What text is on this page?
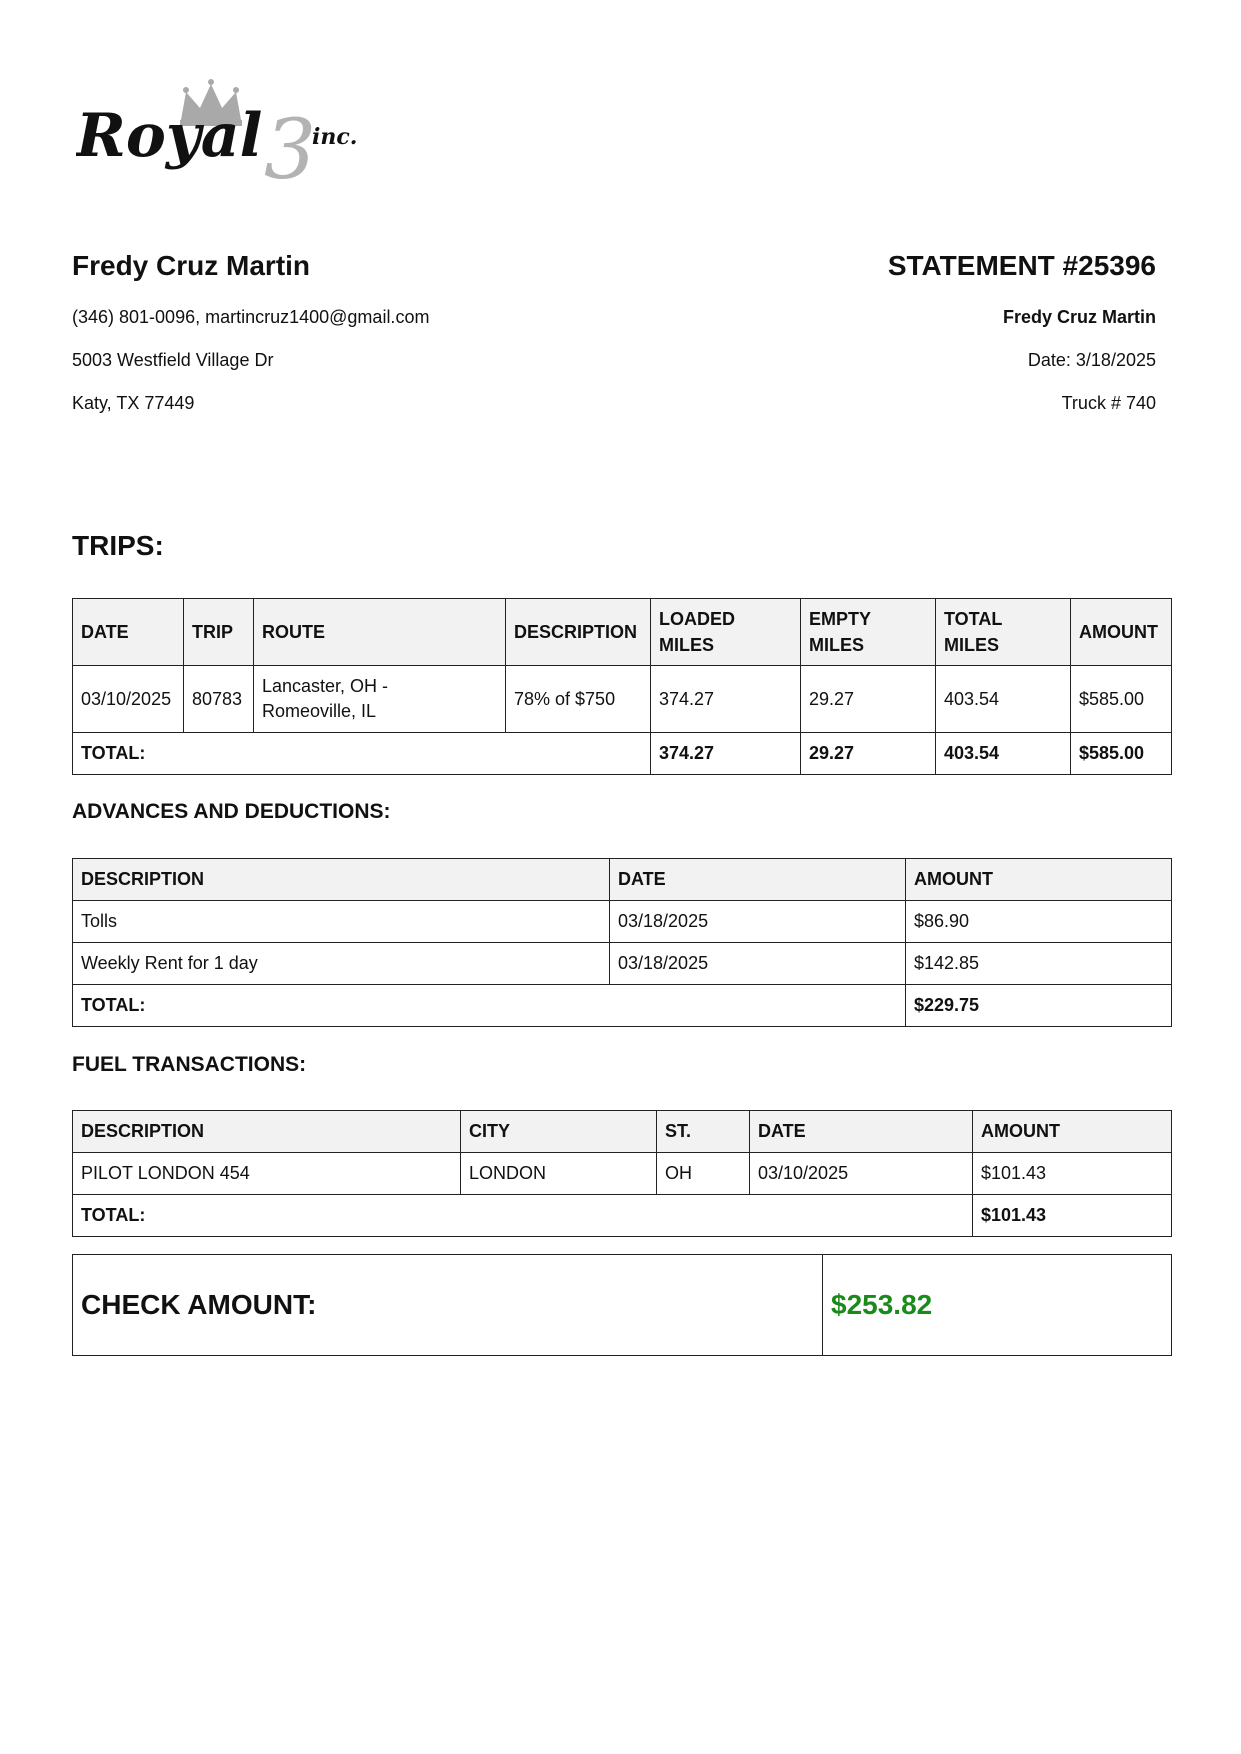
3
Royal inc.
Fredy Cruz Martin
(346) 801-0096, martincruz1400@gmail.com
5003 Westfield Village Dr
Katy, TX 77449
STATEMENT #25396
Fredy Cruz Martin
Date: 3/18/2025
Truck # 740
TRIPS:
DATE	TRIP	ROUTE	DESCRIPTION	LOADED MILES	EMPTY MILES	TOTAL MILES	AMOUNT
03/10/2025	80783	Lancaster, OH - Romeoville, IL	78% of $750	374.27	29.27	403.54	$585.00
TOTAL:				374.27	29.27	403.54	$585.00
ADVANCES AND DEDUCTIONS:
DESCRIPTION	DATE	AMOUNT
Tolls	03/18/2025	$86.90
Weekly Rent for 1 day	03/18/2025	$142.85
TOTAL:		$229.75
FUEL TRANSACTIONS:
DESCRIPTION	CITY	ST.	DATE	AMOUNT
PILOT LONDON 454	LONDON	OH	03/10/2025	$101.43
TOTAL:				$101.43
CHECK AMOUNT:	$253.82
